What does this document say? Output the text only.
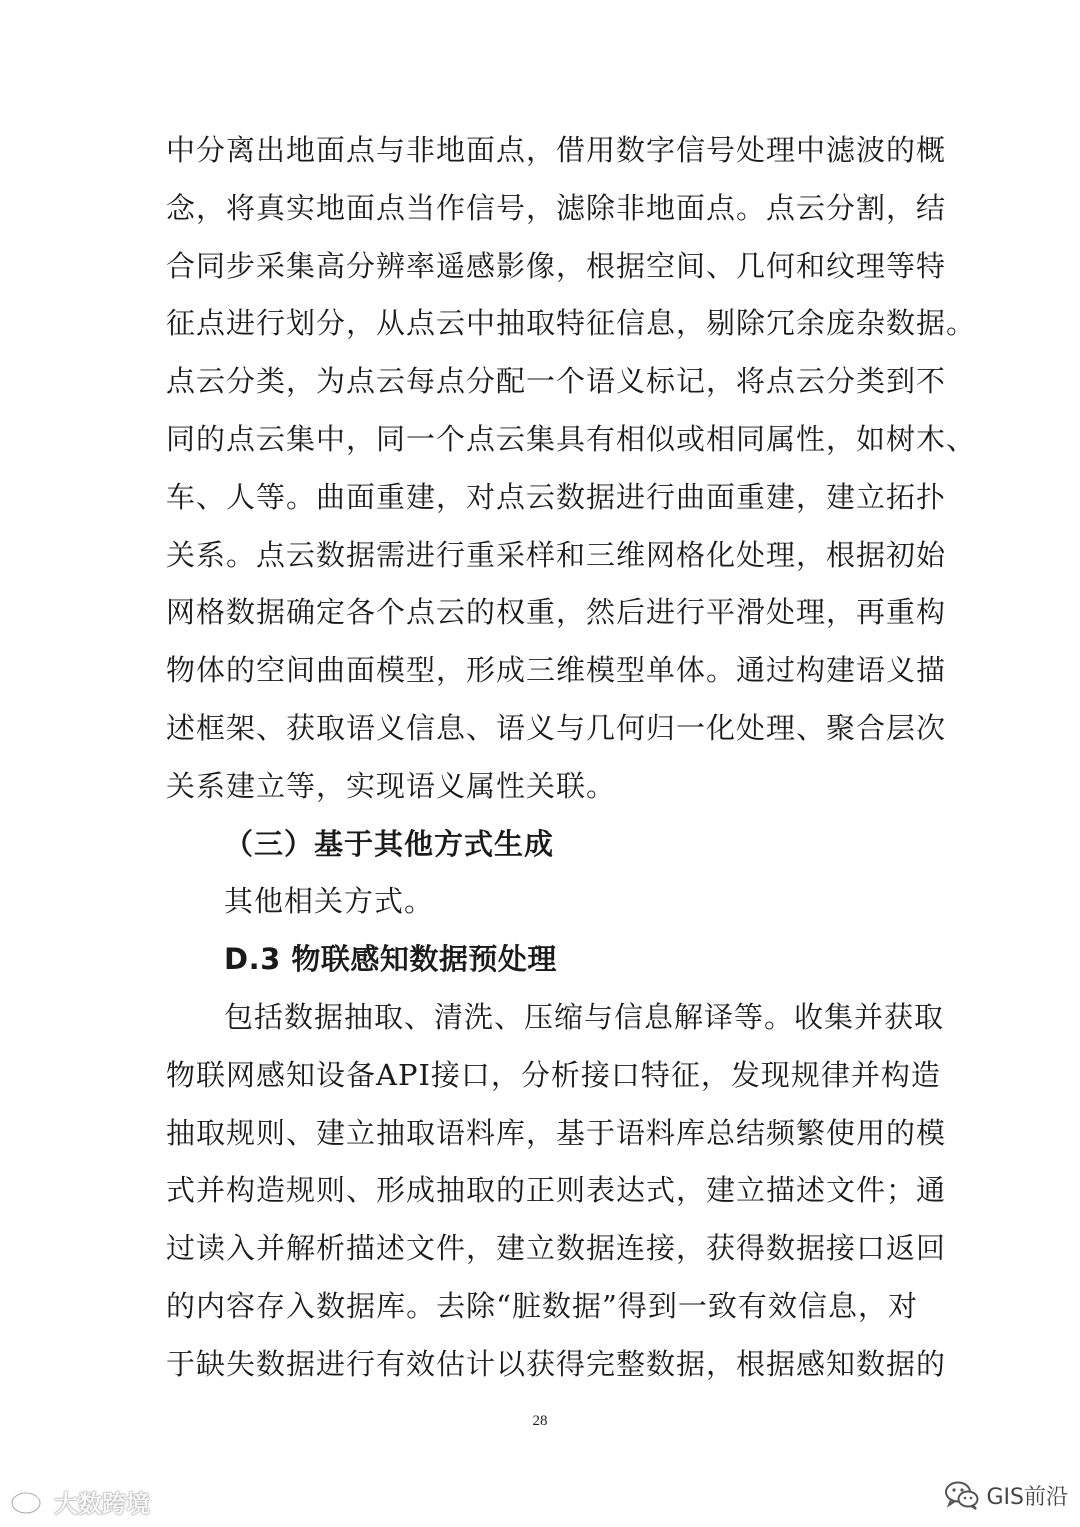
中分离出地面点与非地面点，借用数字信号处理中滤波的概
念，将真实地面点当作信号，滤除非地面点。点云分割，结
合同步采集高分辨率遥感影像，根据空间、几何和纹理等特
征点进行划分，从点云中抽取特征信息，剔除冗余庞杂数据。
点云分类，为点云每点分配一个语义标记，将点云分类到不
同的点云集中，同一个点云集具有相似或相同属性，如树木、
车、人等。曲面重建，对点云数据进行曲面重建，建立拓扑
关系。点云数据需进行重采样和三维网格化处理，根据初始
网格数据确定各个点云的权重，然后进行平滑处理，再重构
物体的空间曲面模型，形成三维模型单体。通过构建语义描
述框架、获取语义信息、语义与几何归一化处理、聚合层次
关系建立等，实现语义属性关联。
（三）基于其他方式生成
其他相关方式。
D.3 物联感知数据预处理
包括数据抽取、清洗、压缩与信息解译等。收集并获取
物联网感知设备API接口，分析接口特征，发现规律并构造
抽取规则、建立抽取语料库，基于语料库总结频繁使用的模
式并构造规则、形成抽取的正则表达式，建立描述文件；通
过读入并解析描述文件，建立数据连接，获得数据接口返回
的内容存入数据库。去除“脏数据”得到一致有效信息，对
于缺失数据进行有效估计以获得完整数据，根据感知数据的
28
大数跨境	GIS前沿
